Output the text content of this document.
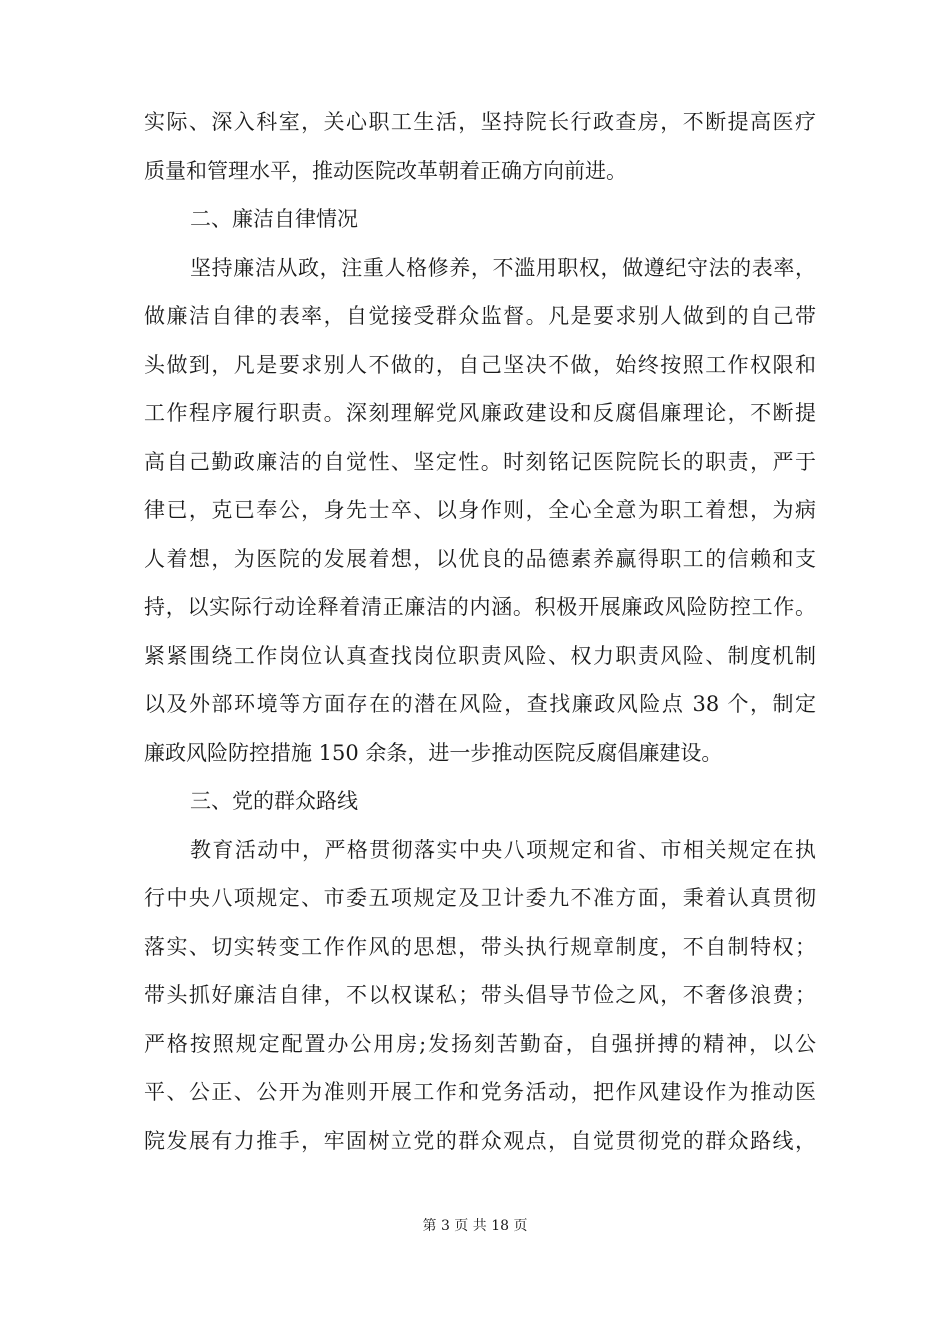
实际、深入科室，关心职工生活，坚持院长行政查房，不断提高医疗
质量和管理水平，推动医院改革朝着正确方向前进。
二、廉洁自律情况
坚持廉洁从政，注重人格修养，不滥用职权，做遵纪守法的表率，
做廉洁自律的表率，自觉接受群众监督。凡是要求别人做到的自己带
头做到，凡是要求别人不做的，自己坚决不做，始终按照工作权限和
工作程序履行职责。深刻理解党风廉政建设和反腐倡廉理论，不断提
高自己勤政廉洁的自觉性、坚定性。时刻铭记医院院长的职责，严于
律已，克已奉公，身先士卒、以身作则，全心全意为职工着想，为病
人着想，为医院的发展着想，以优良的品德素养赢得职工的信赖和支
持，以实际行动诠释着清正廉洁的内涵。积极开展廉政风险防控工作。
紧紧围绕工作岗位认真查找岗位职责风险、权力职责风险、制度机制
以及外部环境等方面存在的潜在风险，查找廉政风险点 38 个，制定
廉政风险防控措施 150 余条，进一步推动医院反腐倡廉建设。
三、党的群众路线
教育活动中，严格贯彻落实中央八项规定和省、市相关规定在执
行中央八项规定、市委五项规定及卫计委九不准方面，秉着认真贯彻
落实、切实转变工作作风的思想，带头执行规章制度，不自制特权；
带头抓好廉洁自律，不以权谋私；带头倡导节俭之风，不奢侈浪费；
严格按照规定配置办公用房;发扬刻苦勤奋，自强拼搏的精神，以公
平、公正、公开为准则开展工作和党务活动，把作风建设作为推动医
院发展有力推手，牢固树立党的群众观点，自觉贯彻党的群众路线，
第 3 页 共 18 页
